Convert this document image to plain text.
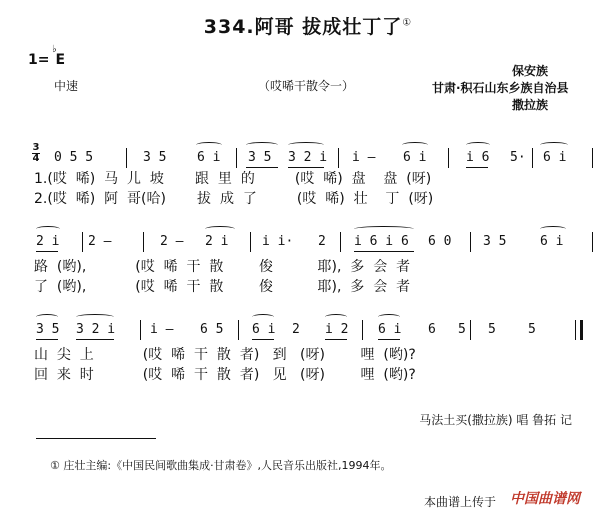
334.阿哥 拔成壮丁了①
1=
♭
E
中速	（哎唏干散令一）
保安族
甘肃·积石山东乡族自治县
撒拉族
3
4 0 5 5	3 5 6 i 3 5 3 2 i i — 6 i	i 6 5· 6 i
1.(哎  唏)  马  儿  坡       跟  里  的         (哎  唏)  盘    盘  (呀)
2.(哎  唏)  阿  哥(哈)       拔  成  了         (哎  唏)  壮    丁  (呀)
2 i 2 —	2 — 2 i	i i· 2 i 6 i 6 6 0 3 5	6 i
路  (哟),           (哎  唏  干  散        俊          耶),  多  会  者
了  (哟),           (哎  唏  干  散        俊          耶),  多  会  者
3 5 3 2 i	i — 6 5 6 i 2 i 2 6 i 6 5 5 5
山  尖  上           (哎  唏  干  散  者)   到   (呀)        哩  (哟)?
回  来  时           (哎  唏  干  散  者)   见   (呀)        哩  (哟)?
马法土买(撒拉族) 唱 鲁拓 记
① 庄壮主编:《中国民间歌曲集成·甘肃卷》,人民音乐出版社,1994年。
本曲谱上传于 中国曲谱网
